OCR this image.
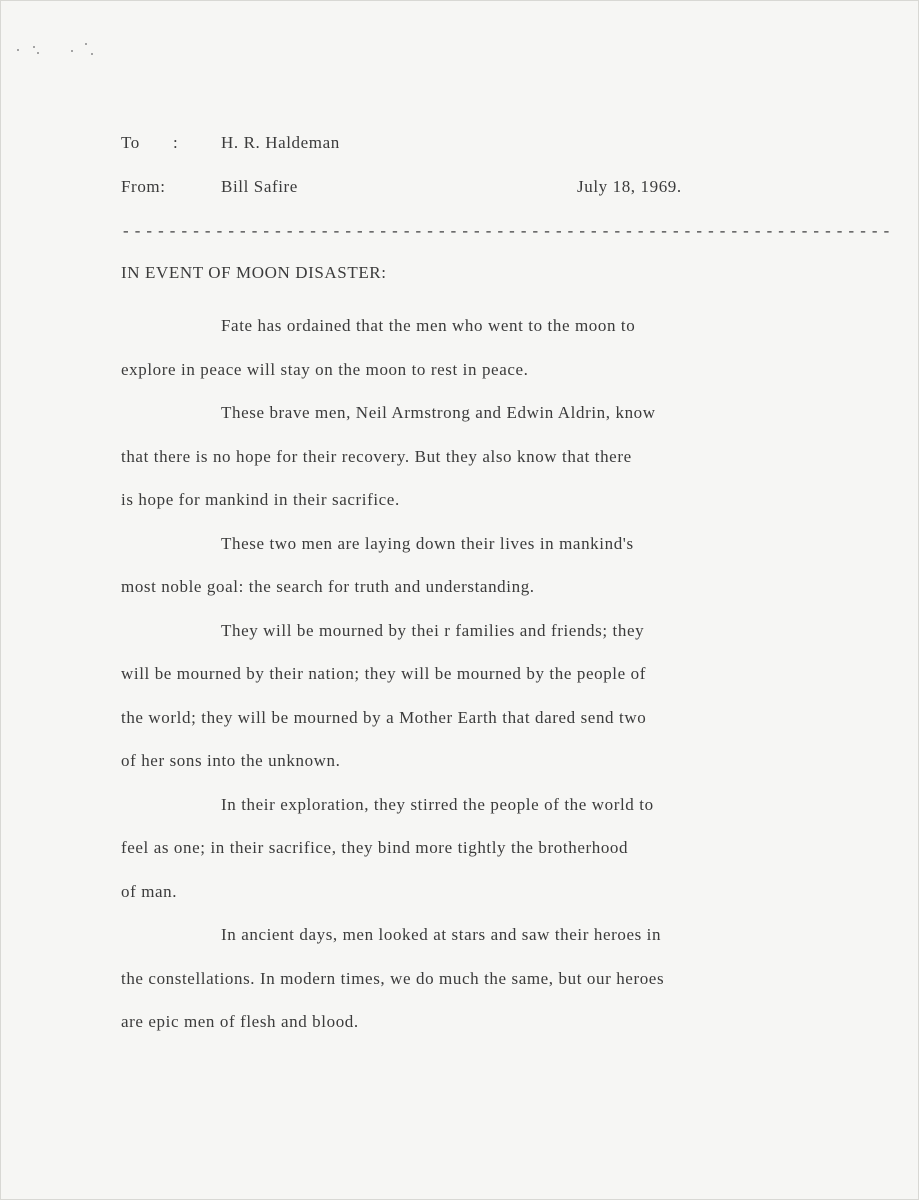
To :	H. R. Haldeman
From:	Bill Safire	July 18, 1969.
------------------------------------------------------------------
IN EVENT OF MOON DISASTER:

Fate has ordained that the men who went to the moon to
explore in peace will stay on the moon to rest in peace.

These brave men, Neil Armstrong and Edwin Aldrin, know
that there is no hope for their recovery. But they also know that there
is hope for mankind in their sacrifice.

These two men are laying down their lives in mankind's
most noble goal: the search for truth and understanding.

They will be mourned by thei r families and friends; they
will be mourned by their nation; they will be mourned by the people of
the world; they will be mourned by a Mother Earth that dared send two
of her sons into the unknown.

In their exploration, they stirred the people of the world to
feel as one; in their sacrifice, they bind more tightly the brotherhood
of man.

In ancient days, men looked at stars and saw their heroes in
the constellations. In modern times, we do much the same, but our heroes
are epic men of flesh and blood.
